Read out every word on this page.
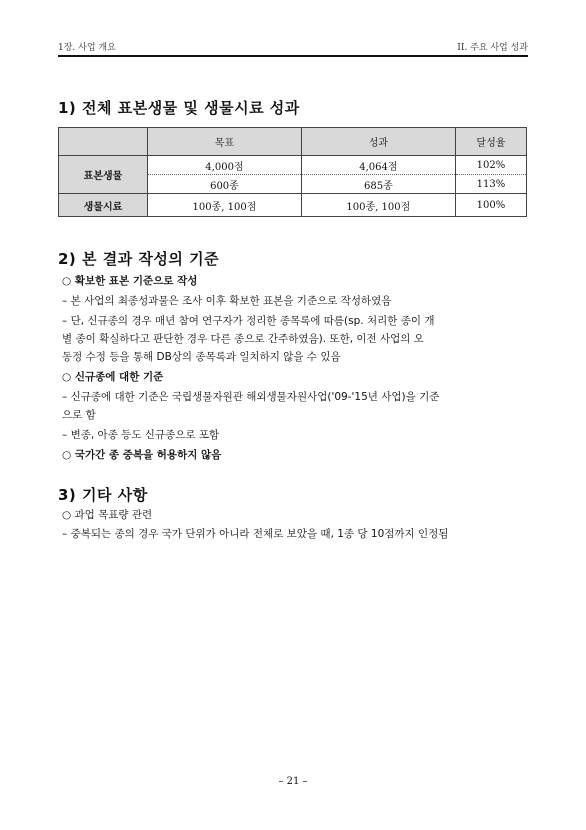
1장. 사업 개요	II. 주요 사업 성과
1) 전체 표본생물 및 생물시료 성과
	목표	성과	달성율
표본생물	4,000점	4,064점	102%
	600종	685종	113%
생물시료	100종, 100점	100종, 100점	100%
2) 본 결과 작성의 기준
○ 확보한 표본 기준으로 작성
– 본 사업의 최종성과물은 조사 이후 확보한 표본을 기준으로 작성하였음
– 단, 신규종의 경우 매년 참여 연구자가 정리한 종목록에 따름(sp. 처리한 종이 개
별 종이 확실하다고 판단한 경우 다른 종으로 간주하였음). 또한, 이전 사업의 오
동정 수정 등을 통해 DB상의 종목록과 일치하지 않을 수 있음
○ 신규종에 대한 기준
– 신규종에 대한 기준은 국립생물자원관 해외생물자원사업('09-'15년 사업)을 기준
으로 함
– 변종, 아종 등도 신규종으로 포함
○ 국가간 종 중복을 허용하지 않음
3) 기타 사항
○ 과업 목표량 관련
– 중복되는 종의 경우 국가 단위가 아니라 전체로 보았을 때, 1종 당 10점까지 인정됨
– 21 –
